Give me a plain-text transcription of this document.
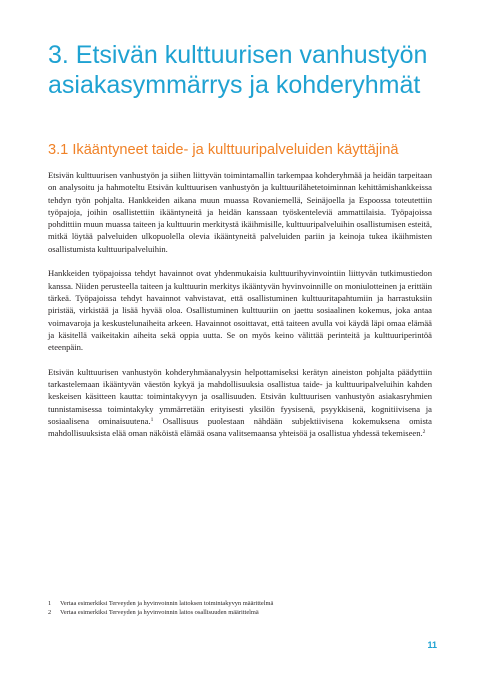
3. Etsivän kulttuurisen vanhustyön asiakasymmärrys ja kohderyhmät
3.1 Ikääntyneet taide- ja kulttuuripalveluiden käyttäjinä

Etsivän kulttuurisen vanhustyön ja siihen liittyvän toimintamallin tarkempaa kohderyhmää ja heidän tarpeitaan on analysoitu ja hahmoteltu Etsivän kulttuurisen vanhustyön ja kulttuurilähetetoiminnan kehittämishankkeissa tehdyn työn pohjalta. Hankkeiden aikana muun muassa Rovaniemellä, Seinäjoella ja Espoossa toteutettiin työpajoja, joihin osallistettiin ikääntyneitä ja heidän kanssaan työskenteleviä ammattilaisia. Työpajoissa pohdittiin muun muassa taiteen ja kulttuurin merkitystä ikäihmisille, kulttuuripalveluihin osallistumisen esteitä, mitkä löytää palveluiden ulkopuolella olevia ikääntyneitä palveluiden pariin ja keinoja tukea ikäihmisten osallistumista kulttuuripalveluihin.

Hankkeiden työpajoissa tehdyt havainnot ovat yhdenmukaisia kulttuurihyvinvointiin liittyvän tutkimustiedon kanssa. Niiden perusteella taiteen ja kulttuurin merkitys ikääntyvän hyvinvoinnille on moniulotteinen ja erittäin tärkeä. Työpajoissa tehdyt havainnot vahvistavat, että osallistuminen kulttuuritapahtumiin ja harrastuksiin piristää, virkistää ja lisää hyvää oloa. Osallistuminen kulttuuriin on jaettu sosiaalinen kokemus, joka antaa voimavaroja ja keskustelunaiheita arkeen. Havainnot osoittavat, että taiteen avulla voi käydä läpi omaa elämää ja käsitellä vaikeitakin aiheita sekä oppia uutta. Se on myös keino välittää perinteitä ja kulttuuriperintöä eteenpäin.

Etsivän kulttuurisen vanhustyön kohderyhmäanalyysin helpottamiseksi kerätyn aineiston pohjalta päädyttiin tarkastelemaan ikääntyvän väestön kykyä ja mahdollisuuksia osallistua taide- ja kulttuuripalveluihin kahden keskeisen käsitteen kautta: toimintakyvyn ja osallisuuden. Etsivän kulttuurisen vanhustyön asiakasryhmien tunnistamisessa toimintakyky ymmärretään erityisesti yksilön fyysisenä, psyykkisenä, kognitiivisena ja sosiaalisena ominaisuutena.$^1$ Osallisuus puolestaan nähdään subjektiivisena kokemuksena omista mahdollisuuksista elää oman näköistä elämää osana valitsemaansa yhteisöä ja osallistua yhdessä tekemiseen.$^2$

1	Vertaa esimerkiksi Terveyden ja hyvinvoinnin laitoksen toimintakyvyn määrittelmä
2	Vertaa esimerkiksi Terveyden ja hyvinvoinnin laitos osallisuuden määrittelmä
11
